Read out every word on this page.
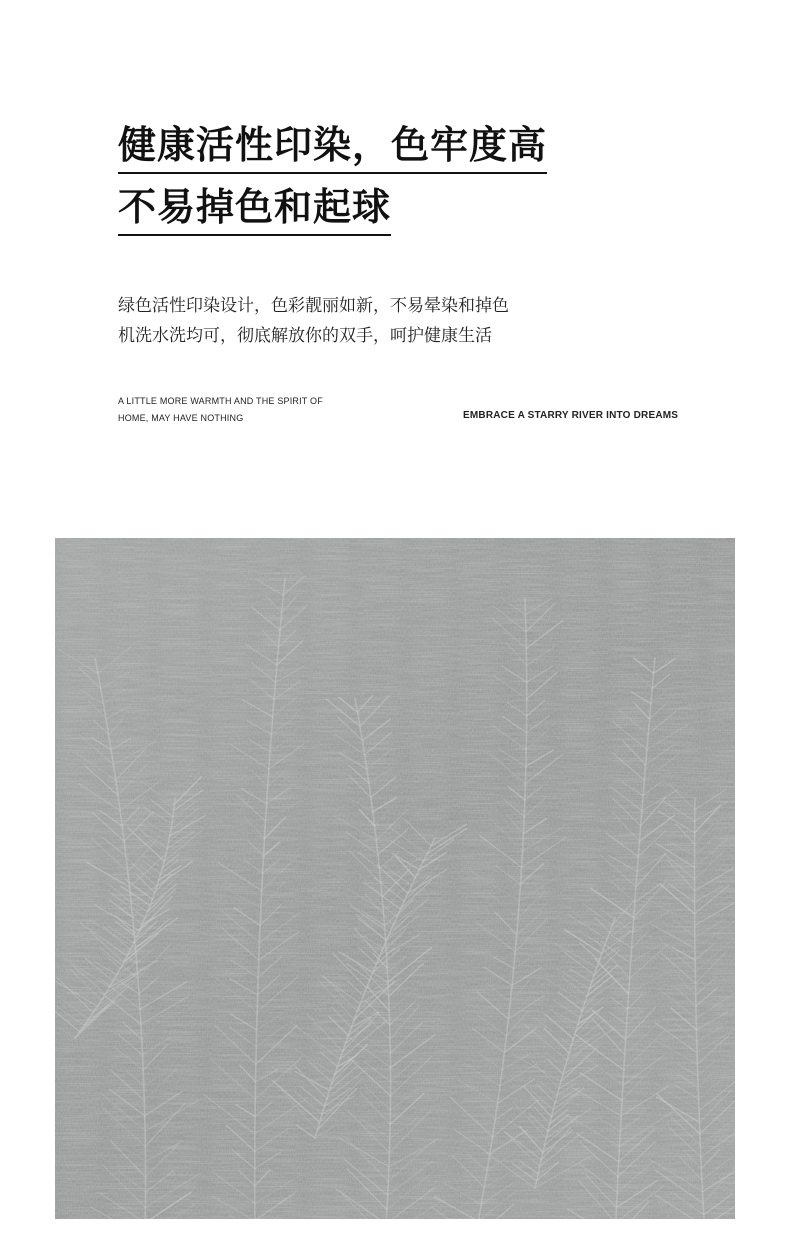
健康活性印染，色牢度高
不易掉色和起球
绿色活性印染设计，色彩靓丽如新，不易晕染和掉色
机洗水洗均可，彻底解放你的双手，呵护健康生活
A LITTLE MORE WARMTH AND THE SPIRIT OF
HOME, MAY HAVE NOTHING	EMBRACE A STARRY RIVER INTO DREAMS
